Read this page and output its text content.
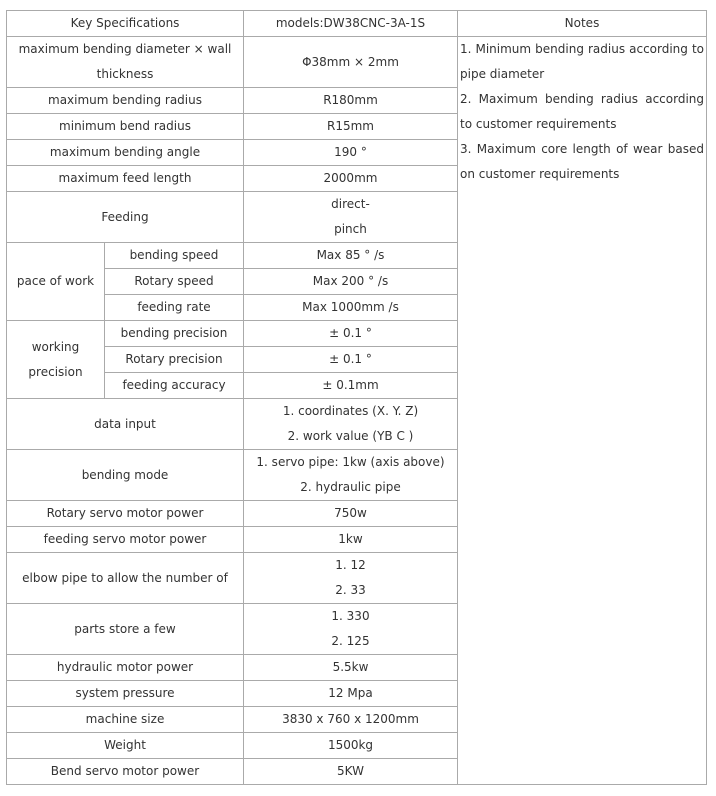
Key Specifications		models:DW38CNC-3A-1S	Notes
maximum bending diameter × wall thickness		Φ38mm × 2mm	1. Minimum bending radius according to pipe diameter
2. Maximum bending radius according to customer requirements
3. Maximum core length of wear based on customer requirements

maximum bending radius		R180mm	

minimum bend radius		R15mm	

maximum bending angle		190 °	

maximum feed length		2000mm	

Feeding		direct-
pinch	

pace of work	bending speed	Max 85 ° /s	

	Rotary speed	Max 200 ° /s	

	feeding rate	Max 1000mm /s	

working precision	bending precision	± 0.1 °	

	Rotary precision	± 0.1 °	

	feeding accuracy	± 0.1mm	

data input		1. coordinates (X. Y. Z)
2. work value (YB C )	

bending mode		1. servo pipe: 1kw (axis above)
2. hydraulic pipe	

Rotary servo motor power		750w	

feeding servo motor power		1kw	

elbow pipe to allow the number of		1. 12
2. 33	

parts store a few		1. 330
2. 125	

hydraulic motor power		5.5kw	

system pressure		12 Mpa	

machine size		3830 x 760 x 1200mm	

Weight		1500kg	

Bend servo motor power		5KW	
